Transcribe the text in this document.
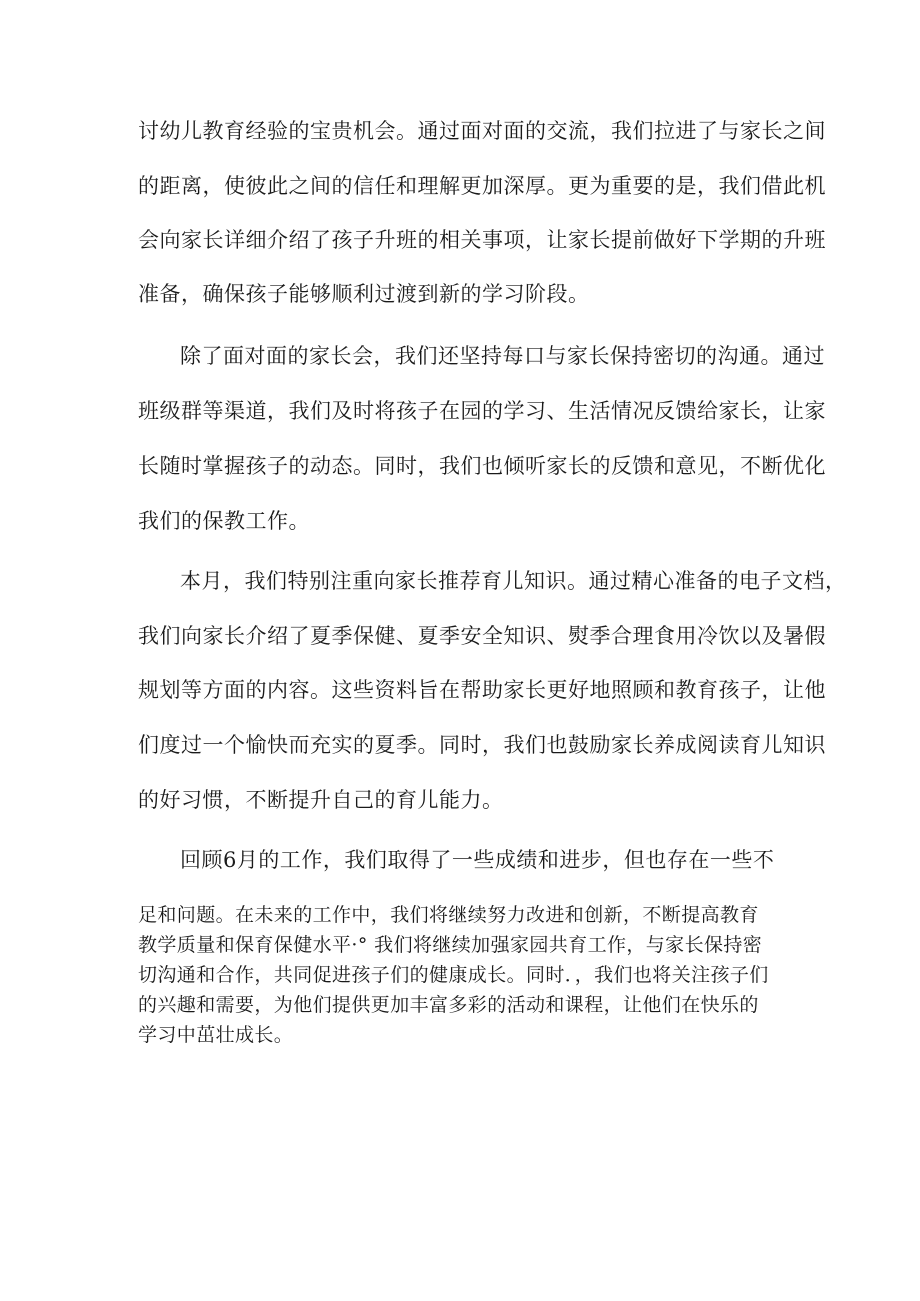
讨幼儿教育经验的宝贵机会。通过面对面的交流，我们拉进了与家长之间
的距离，使彼此之间的信任和理解更加深厚。更为重要的是，我们借此机
会向家长详细介绍了孩子升班的相关事项，让家长提前做好下学期的升班
准备，确保孩子能够顺利过渡到新的学习阶段。
除了面对面的家长会，我们还坚持每口与家长保持密切的沟通。通过
班级群等渠道，我们及时将孩子在园的学习、生活情况反馈给家长，让家
长随时掌握孩子的动态。同时，我们也倾听家长的反馈和意见，不断优化
我们的保教工作。
本月，我们特别注重向家长推荐育儿知识。通过精心准备的电子文档，
我们向家长介绍了夏季保健、夏季安全知识、熨季合理食用冷饮以及暑假
规划等方面的内容。这些资料旨在帮助家长更好地照顾和教育孩子，让他
们度过一个愉快而充实的夏季。同时，我们也鼓励家长养成阅读育儿知识
的好习惯，不断提升自己的育儿能力。
回顾6月的工作，我们取得了一些成绩和进步，但也存在一些不
足和问题。在未来的工作中，我们将继续努力改进和创新，不断提高教育
教学质量和保育保健水平·° 我们将继续加强家园共育工作，与家长保持密
切沟通和合作，共同促进孩子们的健康成长。同时．，我们也将关注孩子们
的兴趣和需要，为他们提供更加丰富多彩的活动和课程，让他们在快乐的
学习中茁壮成长。
